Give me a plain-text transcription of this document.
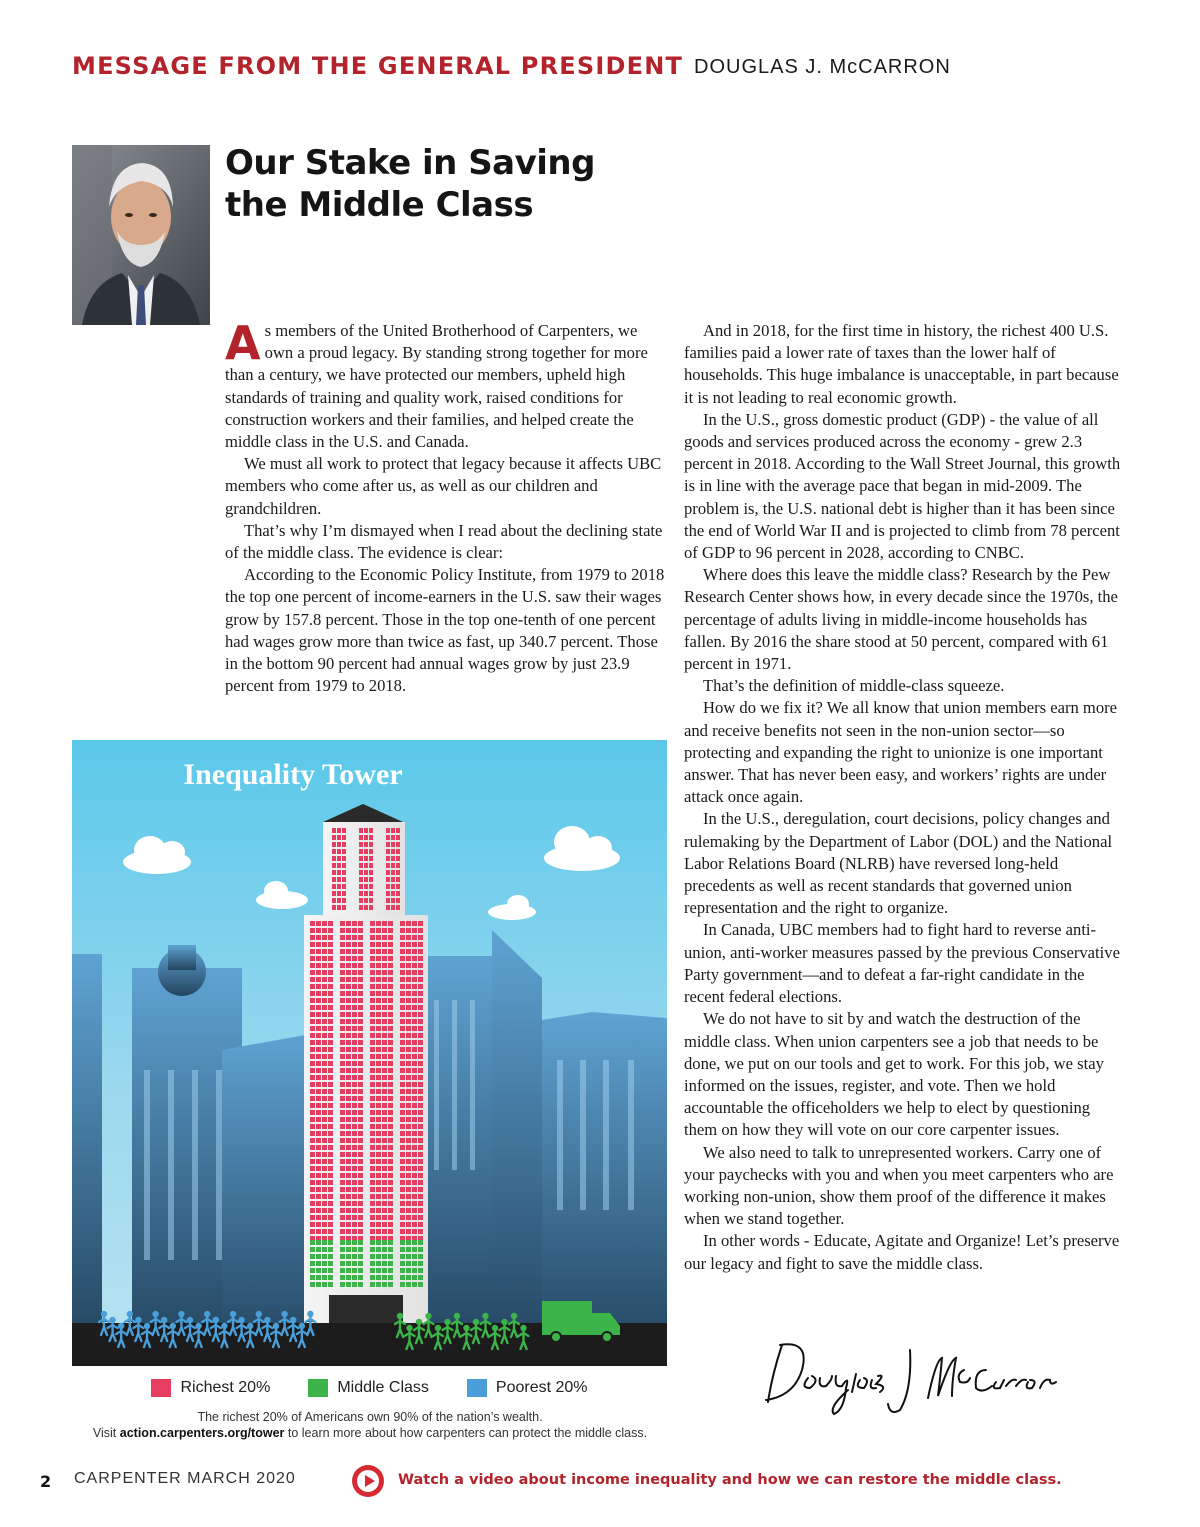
MESSAGE FROM THE GENERAL PRESIDENT DOUGLAS J. McCARRON
Our Stake in Saving
the Middle Class

As members of the United Brotherhood of Carpenters, we own a proud legacy. By standing strong together for more than a century, we have protected our members, upheld high standards of training and quality work, raised conditions for construction workers and their families, and helped create the middle class in the U.S. and Canada.

We must all work to protect that legacy because it affects UBC members who come after us, as well as our children and grandchildren.

That’s why I’m dismayed when I read about the declining state of the middle class. The evidence is clear:

According to the Economic Policy Institute, from 1979 to 2018 the top one percent of income-earners in the U.S. saw their wages grow by 157.8 percent. Those in the top one-tenth of one percent had wages grow more than twice as fast, up 340.7 percent. Those in the bottom 90 percent had annual wages grow by just 23.9 percent from 1979 to 2018.

And in 2018, for the first time in history, the richest 400 U.S. families paid a lower rate of taxes than the lower half of households. This huge imbalance is unacceptable, in part because it is not leading to real economic growth.

In the U.S., gross domestic product (GDP) - the value of all goods and services produced across the economy - grew 2.3 percent in 2018. According to the Wall Street Journal, this growth is in line with the average pace that began in mid-2009. The problem is, the U.S. national debt is higher than it has been since the end of World War II and is projected to climb from 78 percent of GDP to 96 percent in 2028, according to CNBC.

Where does this leave the middle class? Research by the Pew Research Center shows how, in every decade since the 1970s, the percentage of adults living in middle-income households has fallen. By 2016 the share stood at 50 percent, compared with 61 percent in 1971.

That’s the definition of middle-class squeeze.

How do we fix it? We all know that union members earn more and receive benefits not seen in the non-union sector—so protecting and expanding the right to unionize is one important answer. That has never been easy, and workers’ rights are under attack once again.

In the U.S., deregulation, court decisions, policy changes and rulemaking by the Department of Labor (DOL) and the National Labor Relations Board (NLRB) have reversed long-held precedents as well as recent standards that governed union representation and the right to organize.

In Canada, UBC members had to fight hard to reverse anti-union, anti-worker measures passed by the previous Conservative Party government—and to defeat a far-right candidate in the recent federal elections.

We do not have to sit by and watch the destruction of the middle class. When union carpenters see a job that needs to be done, we put on our tools and get to work. For this job, we stay informed on the issues, register, and vote. Then we hold accountable the officeholders we help to elect by questioning them on how they will vote on our core carpenter issues.

We also need to talk to unrepresented workers. Carry one of your paychecks with you and when you meet carpenters who are working non-union, show them proof of the difference it makes when we stand together.

In other words - Educate, Agitate and Organize! Let’s preserve our legacy and fight to save the middle class.

Inequality Tower
Richest 20%	Middle Class	Poorest 20%
The richest 20% of Americans own 90% of the nation’s wealth.
Visit action.carpenters.org/tower to learn more about how carpenters can protect the middle class.
2 CARPENTER MARCH 2020	Watch a video about income inequality and how we can restore the middle class.
